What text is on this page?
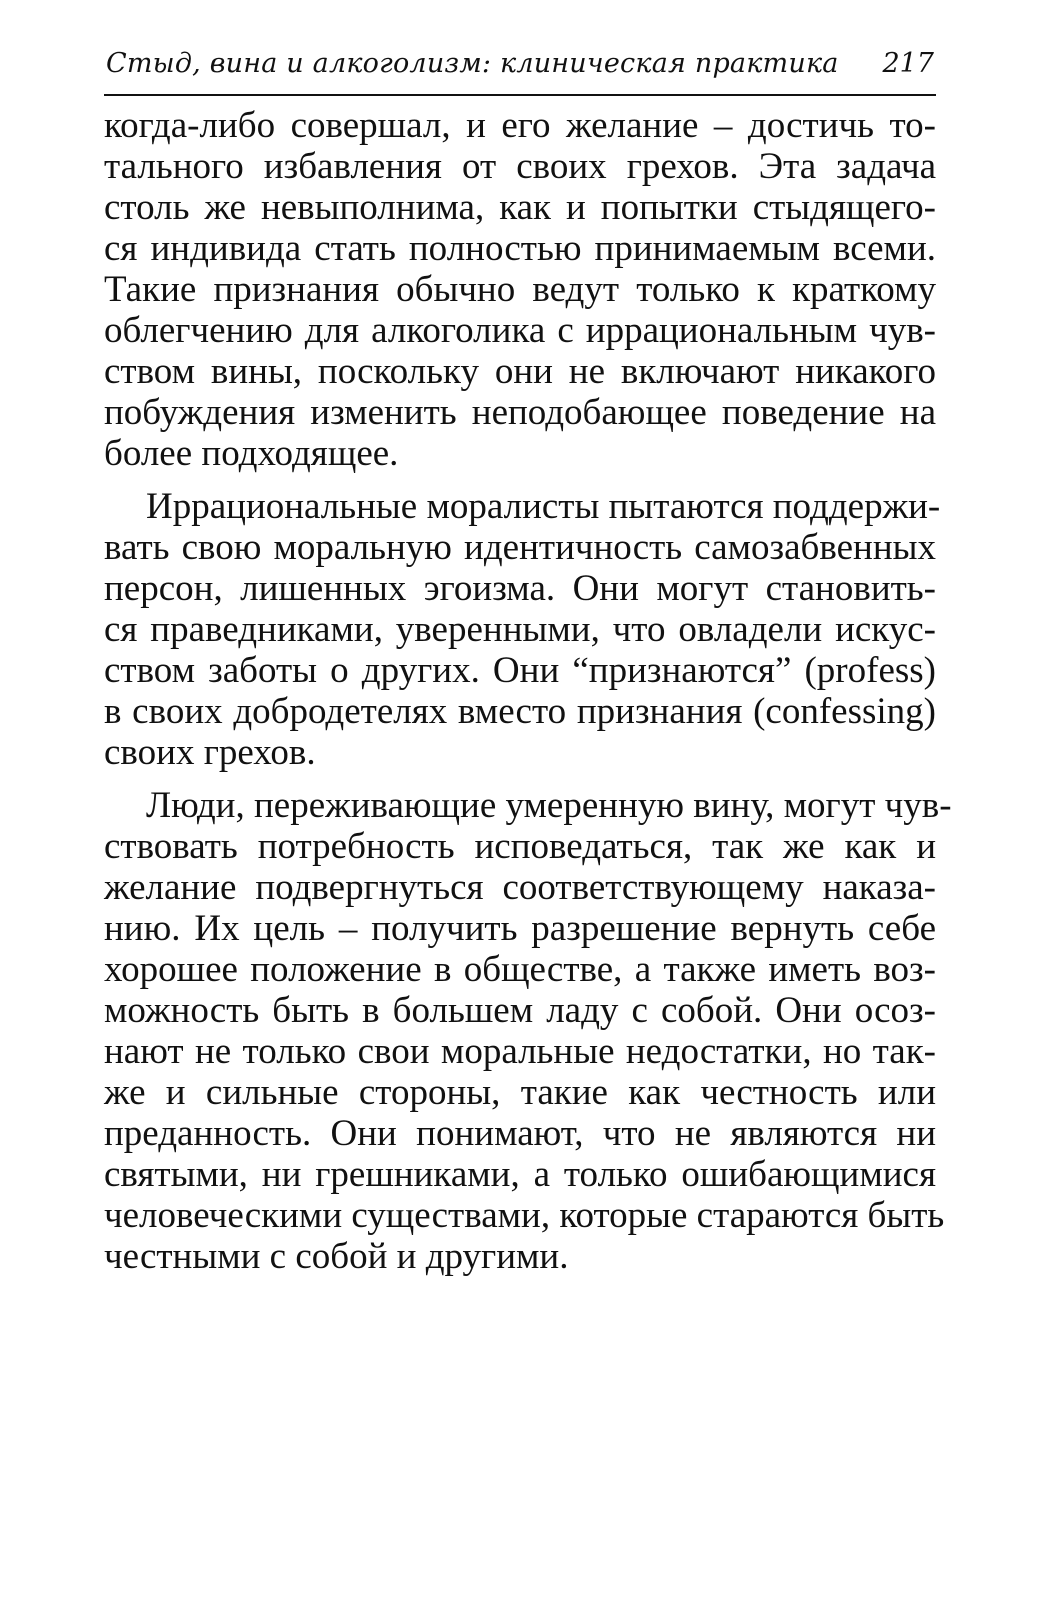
Стыд, вина и алкоголизм: клиническая практика 217
когда-либо совершал, и его желание – достичь то-
тального избавления от своих грехов. Эта задача
столь же невыполнима, как и попытки стыдящего-
ся индивида стать полностью принимаемым всеми.
Такие признания обычно ведут только к краткому
облегчению для алкоголика с иррациональным чув-
ством вины, поскольку они не включают никакого
побуждения изменить неподобающее поведение на
более подходящее.
Иррациональные моралисты пытаются поддержи-
вать свою моральную идентичность самозабвенных
персон, лишенных эгоизма. Они могут становить-
ся праведниками, уверенными, что овладели искус-
ством заботы о других. Они “признаются” (profess)
в своих добродетелях вместо признания (confessing)
своих грехов.
Люди, переживающие умеренную вину, могут чув-
ствовать потребность исповедаться, так же как и
желание подвергнуться соответствующему наказа-
нию. Их цель – получить разрешение вернуть себе
хорошее положение в обществе, а также иметь воз-
можность быть в большем ладу с собой. Они осоз-
нают не только свои моральные недостатки, но так-
же и сильные стороны, такие как честность или
преданность. Они понимают, что не являются ни
святыми, ни грешниками, а только ошибающимися
человеческими существами, которые стараются быть
честными с собой и другими.
